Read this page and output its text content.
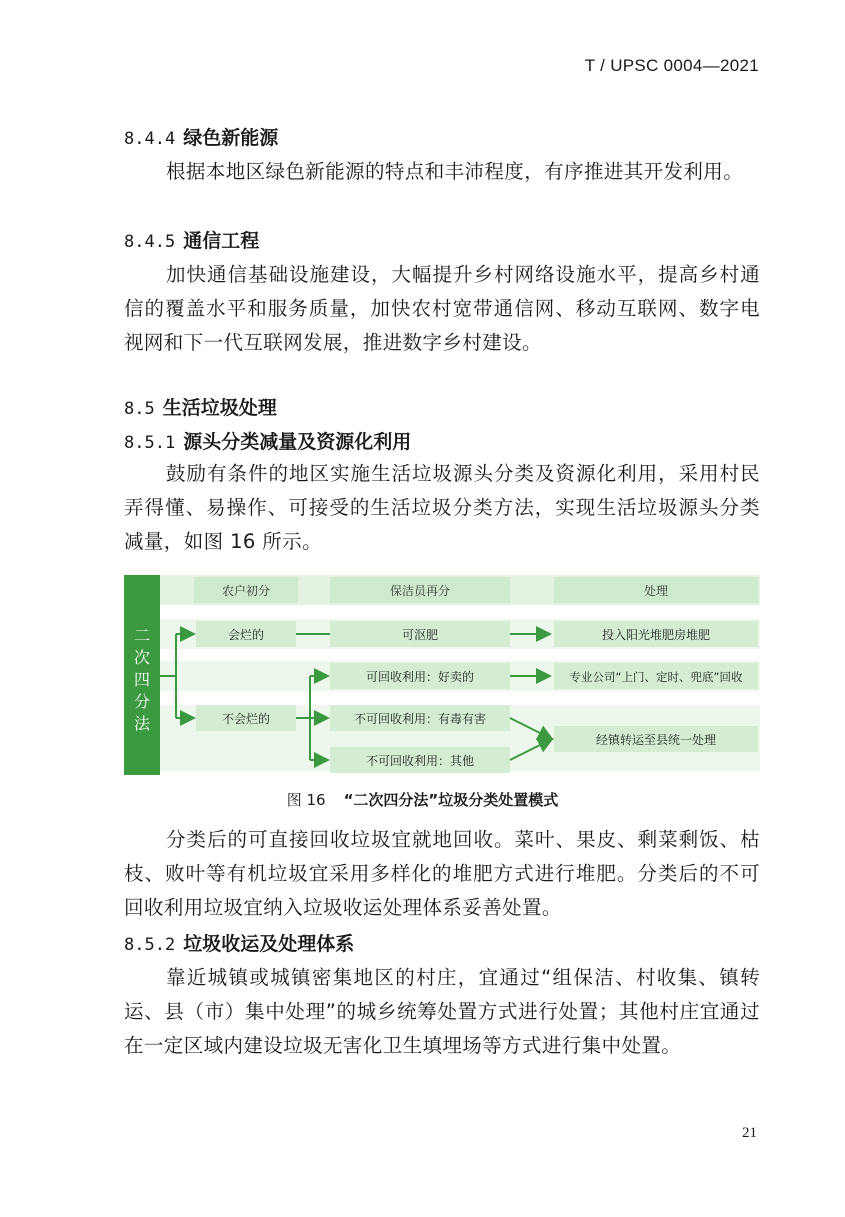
T / UPSC 0004—2021
8.4.4 绿色新能源
根据本地区绿色新能源的特点和丰沛程度，有序推进其开发利用。
8.4.5 通信工程
加快通信基础设施建设，大幅提升乡村网络设施水平，提高乡村通信的覆盖水平和服务质量，加快农村宽带通信网、移动互联网、数字电视网和下一代互联网发展，推进数字乡村建设。
8.5 生活垃圾处理
8.5.1 源头分类减量及资源化利用
鼓励有条件的地区实施生活垃圾源头分类及资源化利用，采用村民弄得懂、易操作、可接受的生活垃圾分类方法，实现生活垃圾源头分类减量，如图 16 所示。
二
次
四
分
法
农户初分	保洁员再分	处理
会烂的
不会烂的
可沤肥
可回收利用：好卖的
不可回收利用：有毒有害
不可回收利用：其他
投入阳光堆肥房堆肥
专业公司“上门、定时、兜底”回收
经镇转运至县统一处理
图 16 “二次四分法”垃圾分类处置模式
分类后的可直接回收垃圾宜就地回收。菜叶、果皮、剩菜剩饭、枯枝、败叶等有机垃圾宜采用多样化的堆肥方式进行堆肥。分类后的不可回收利用垃圾宜纳入垃圾收运处理体系妥善处置。
8.5.2 垃圾收运及处理体系
靠近城镇或城镇密集地区的村庄，宜通过“组保洁、村收集、镇转运、县（市）集中处理”的城乡统筹处置方式进行处置；其他村庄宜通过在一定区域内建设垃圾无害化卫生填埋场等方式进行集中处置。
21
